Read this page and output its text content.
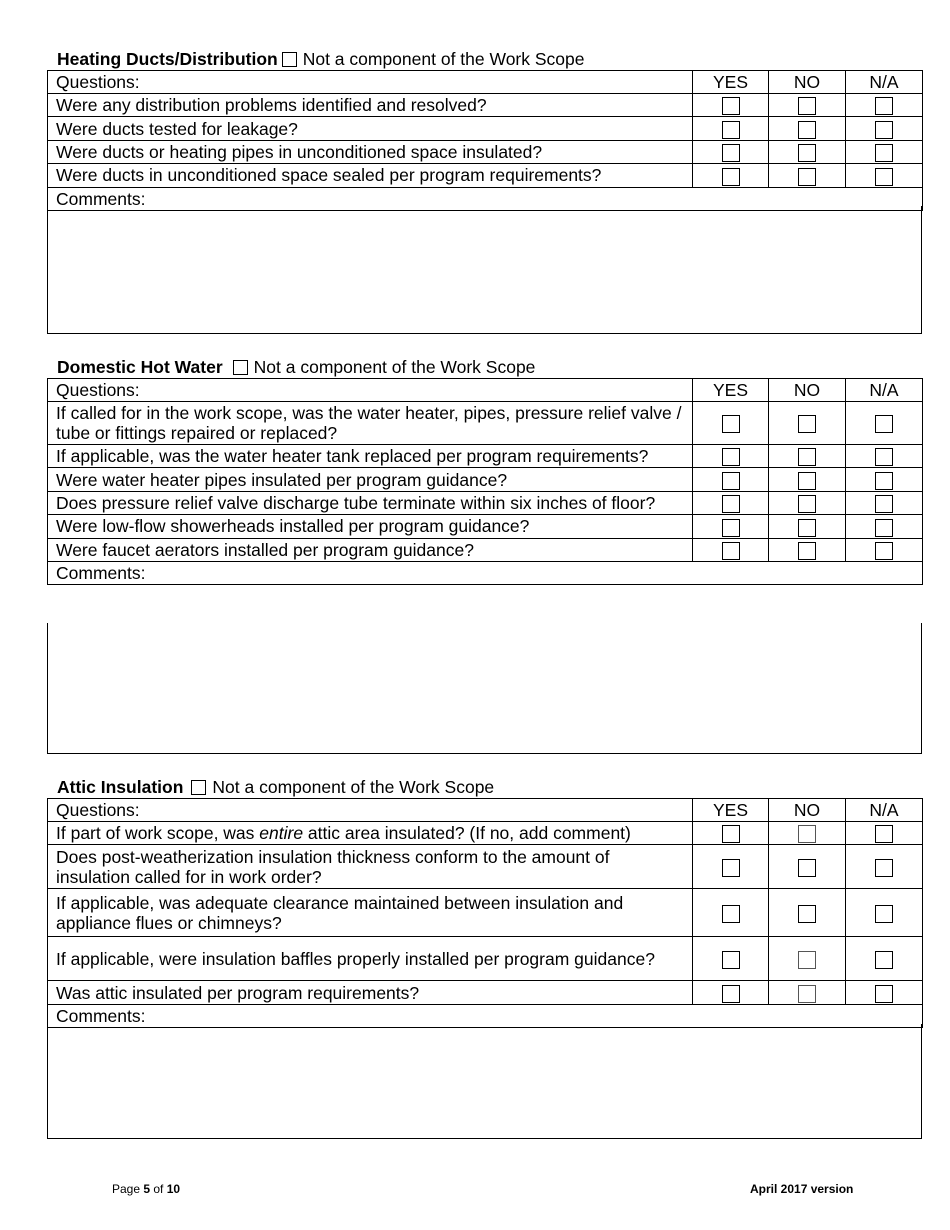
Heating Ducts/Distribution Not a component of the Work Scope
Questions:	YES	NO	N/A
Were any distribution problems identified and resolved?			
Were ducts tested for leakage?			
Were ducts or heating pipes in unconditioned space insulated?			
Were ducts in unconditioned space sealed per program requirements?			
Comments:			
Domestic Hot Water Not a component of the Work Scope
Questions:	YES	NO	N/A
If called for in the work scope, was the water heater, pipes, pressure relief valve / tube or fittings repaired or replaced?			
If applicable, was the water heater tank replaced per program requirements?			
Were water heater pipes insulated per program guidance?			
Does pressure relief valve discharge tube terminate within six inches of floor?			
Were low-flow showerheads installed per program guidance?			
Were faucet aerators installed per program guidance?			
Comments:			
Attic Insulation Not a component of the Work Scope
Questions:	YES	NO	N/A
If part of work scope, was entire attic area insulated? (If no, add comment)			
Does post-weatherization insulation thickness conform to the amount of insulation called for in work order?			
If applicable, was adequate clearance maintained between insulation and appliance flues or chimneys?			
If applicable, were insulation baffles properly installed per program guidance?			
Was attic insulated per program requirements?			
Comments:			
Page 5 of 10	April 2017 version
